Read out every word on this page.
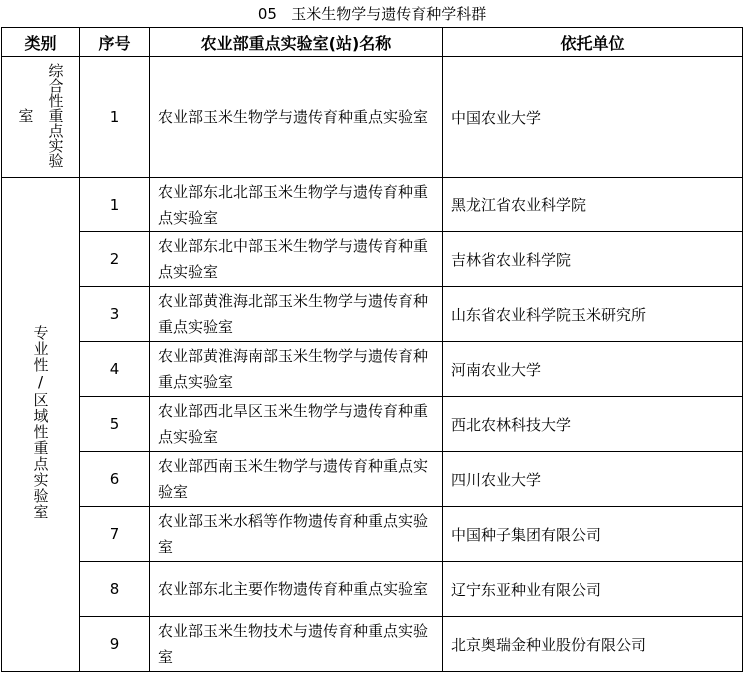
05 玉米生物学与遗传育种学科群			
类别	序号	农业部重点实验室(站)名称	依托单位
综合性重点实验室	1	农业部玉米生物学与遗传育种重点实验室	中国农业大学
专业性/区域性重点实验室	1	农业部东北北部玉米生物学与遗传育种重点实验室	黑龙江省农业科学院
	2	农业部东北中部玉米生物学与遗传育种重点实验室	吉林省农业科学院
	3	农业部黄淮海北部玉米生物学与遗传育种重点实验室	山东省农业科学院玉米研究所
	4	农业部黄淮海南部玉米生物学与遗传育种重点实验室	河南农业大学
	5	农业部西北旱区玉米生物学与遗传育种重点实验室	西北农林科技大学
	6	农业部西南玉米生物学与遗传育种重点实验室	四川农业大学
	7	农业部玉米水稻等作物遗传育种重点实验室	中国种子集团有限公司
	8	农业部东北主要作物遗传育种重点实验室	辽宁东亚种业有限公司
	9	农业部玉米生物技术与遗传育种重点实验室	北京奥瑞金种业股份有限公司
